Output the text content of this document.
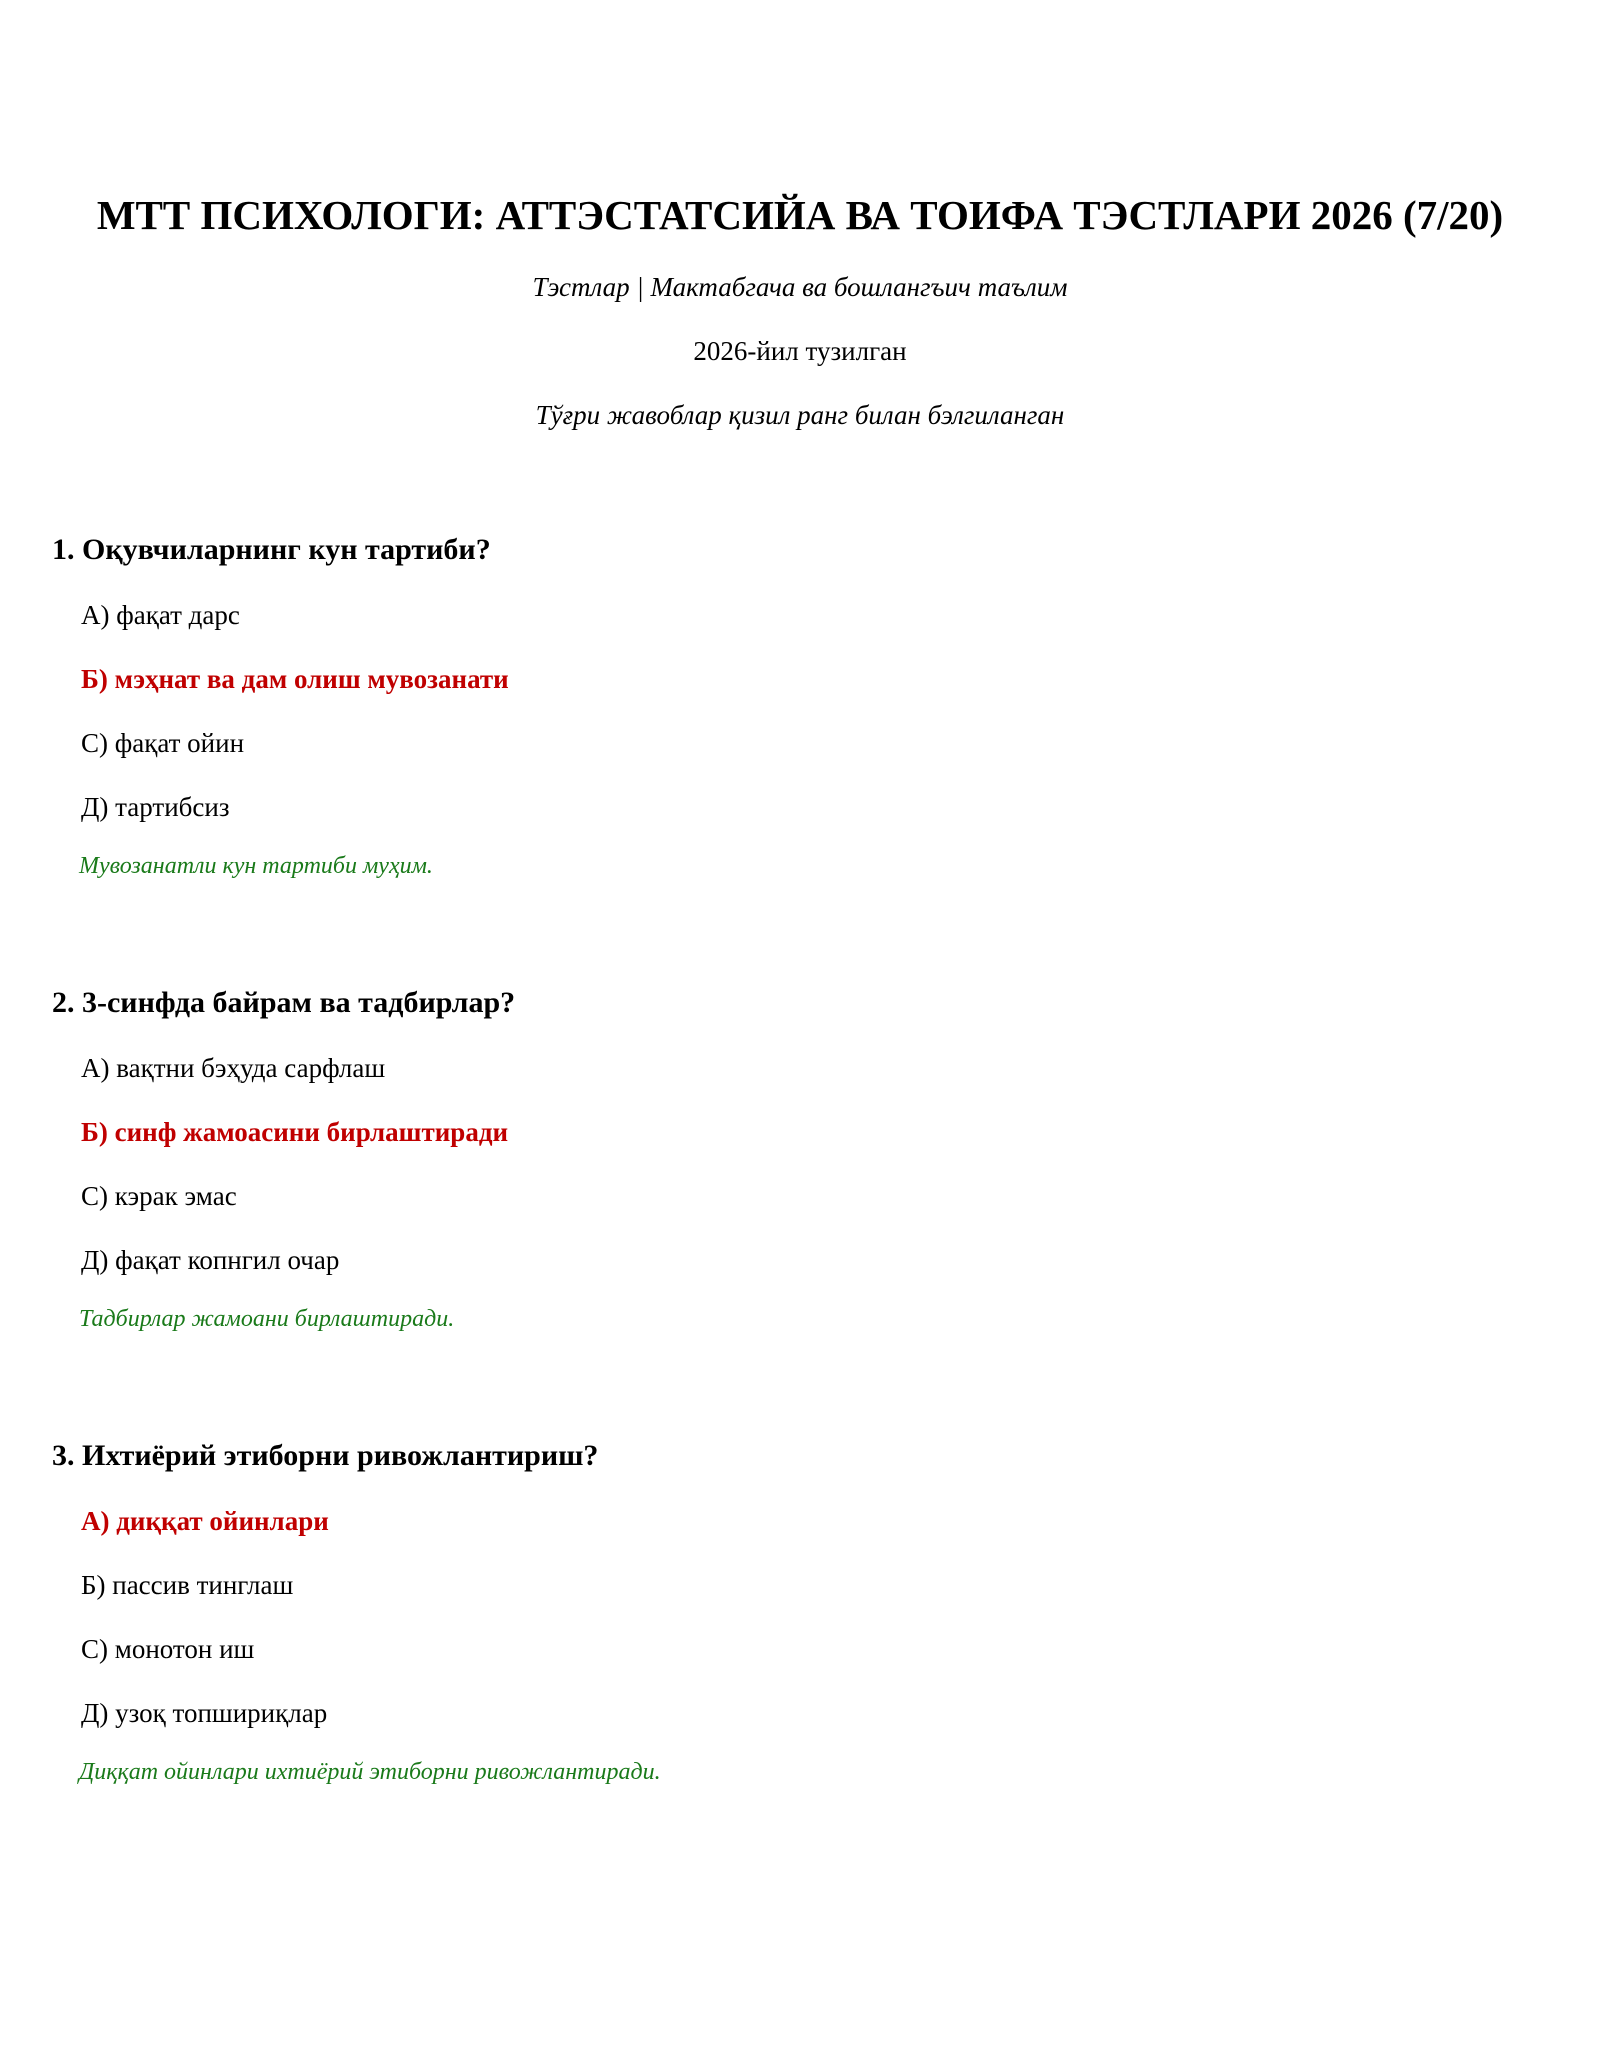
МТТ ПСИХОЛОГИ: АТТЭСТАТСИЙА ВА ТОИФА ТЭСТЛАРИ 2026 (7/20)
Тэстлар | Мактабгача ва бошлангъич таълим
2026-йил тузилган
Тўғри жавоблар қизил ранг билан бэлгиланган
1. Оқувчиларнинг кун тартиби?
А) фақат дарс
Б) мэҳнат ва дам олиш мувозанати
С) фақат ойин
Д) тартибсиз
Мувозанатли кун тартиби муҳим.
2. 3-синфда байрам ва тадбирлар?
А) вақтни бэҳуда сарфлаш
Б) синф жамоасини бирлаштиради
С) кэрак эмас
Д) фақат копнгил очар
Тадбирлар жамоани бирлаштиради.
3. Ихтиёрий этиборни ривожлантириш?
А) диққат ойинлари
Б) пассив тинглаш
С) монотон иш
Д) узоқ топшириқлар
Диққат ойинлари ихтиёрий этиборни ривожлантиради.
